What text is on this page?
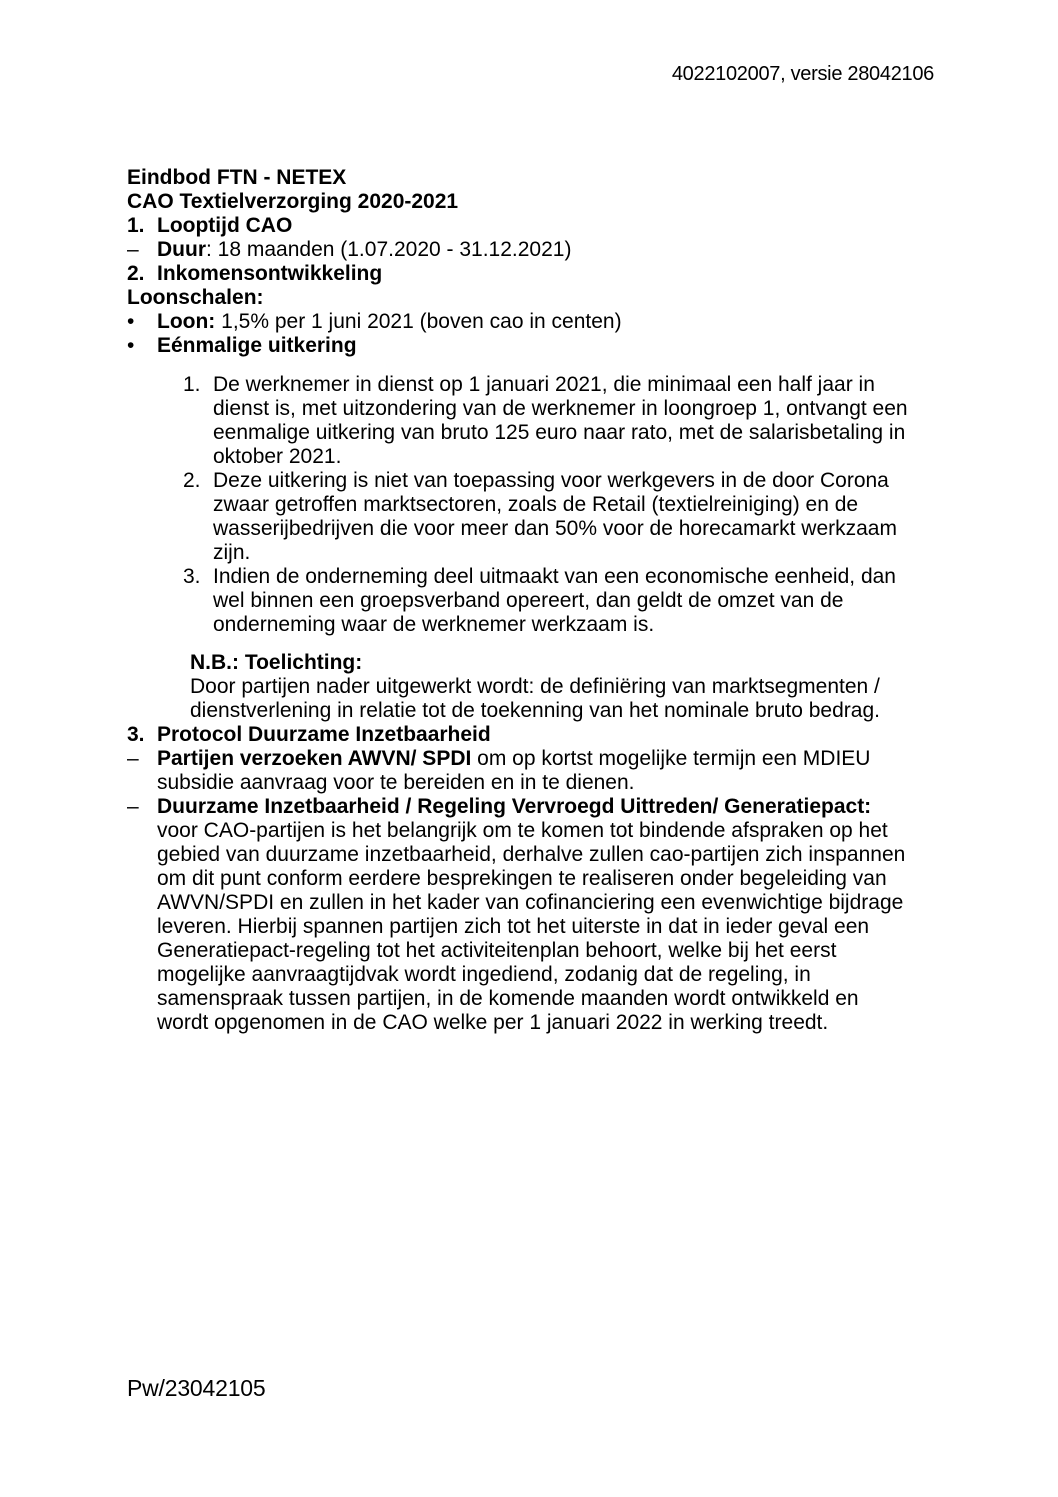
4022102007, versie 28042106

Eindbod FTN - NETEX

CAO Textielverzorging 2020-2021

1. Looptijd CAO

– Duur: 18 maanden (1.07.2020 - 31.12.2021)

2. Inkomensontwikkeling

Loonschalen:

• Loon: 1,5% per 1 juni 2021 (boven cao in centen)

• Eénmalige uitkering

1. De werknemer in dienst op 1 januari 2021, die minimaal een half jaar in dienst is, met uitzondering van de werknemer in loongroep 1, ontvangt een eenmalige uitkering van bruto 125 euro naar rato, met de salarisbetaling in oktober 2021.

2. Deze uitkering is niet van toepassing voor werkgevers in de door Corona zwaar getroffen marktsectoren, zoals de Retail (textielreiniging) en de wasserijbedrijven die voor meer dan 50% voor de horecamarkt werkzaam zijn.

3. Indien de onderneming deel uitmaakt van een economische eenheid, dan wel binnen een groepsverband opereert, dan geldt de omzet van de onderneming waar de werknemer werkzaam is.

N.B.: Toelichting:

Door partijen nader uitgewerkt wordt: de definiëring van marktsegmenten / dienstverlening in relatie tot de toekenning van het nominale bruto bedrag.

3. Protocol Duurzame Inzetbaarheid

– Partijen verzoeken AWVN/ SPDI om op kortst mogelijke termijn een MDIEU subsidie aanvraag voor te bereiden en in te dienen.

– Duurzame Inzetbaarheid / Regeling Vervroegd Uittreden/ Generatiepact: voor CAO-partijen is het belangrijk om te komen tot bindende afspraken op het gebied van duurzame inzetbaarheid, derhalve zullen cao-partijen zich inspannen om dit punt conform eerdere besprekingen te realiseren onder begeleiding van AWVN/SPDI en zullen in het kader van cofinanciering een evenwichtige bijdrage leveren. Hierbij spannen partijen zich tot het uiterste in dat in ieder geval een Generatiepact-regeling tot het activiteitenplan behoort, welke bij het eerst mogelijke aanvraagtijdvak wordt ingediend, zodanig dat de regeling, in samenspraak tussen partijen, in de komende maanden wordt ontwikkeld en wordt opgenomen in de CAO welke per 1 januari 2022 in werking treedt.

Pw/23042105
